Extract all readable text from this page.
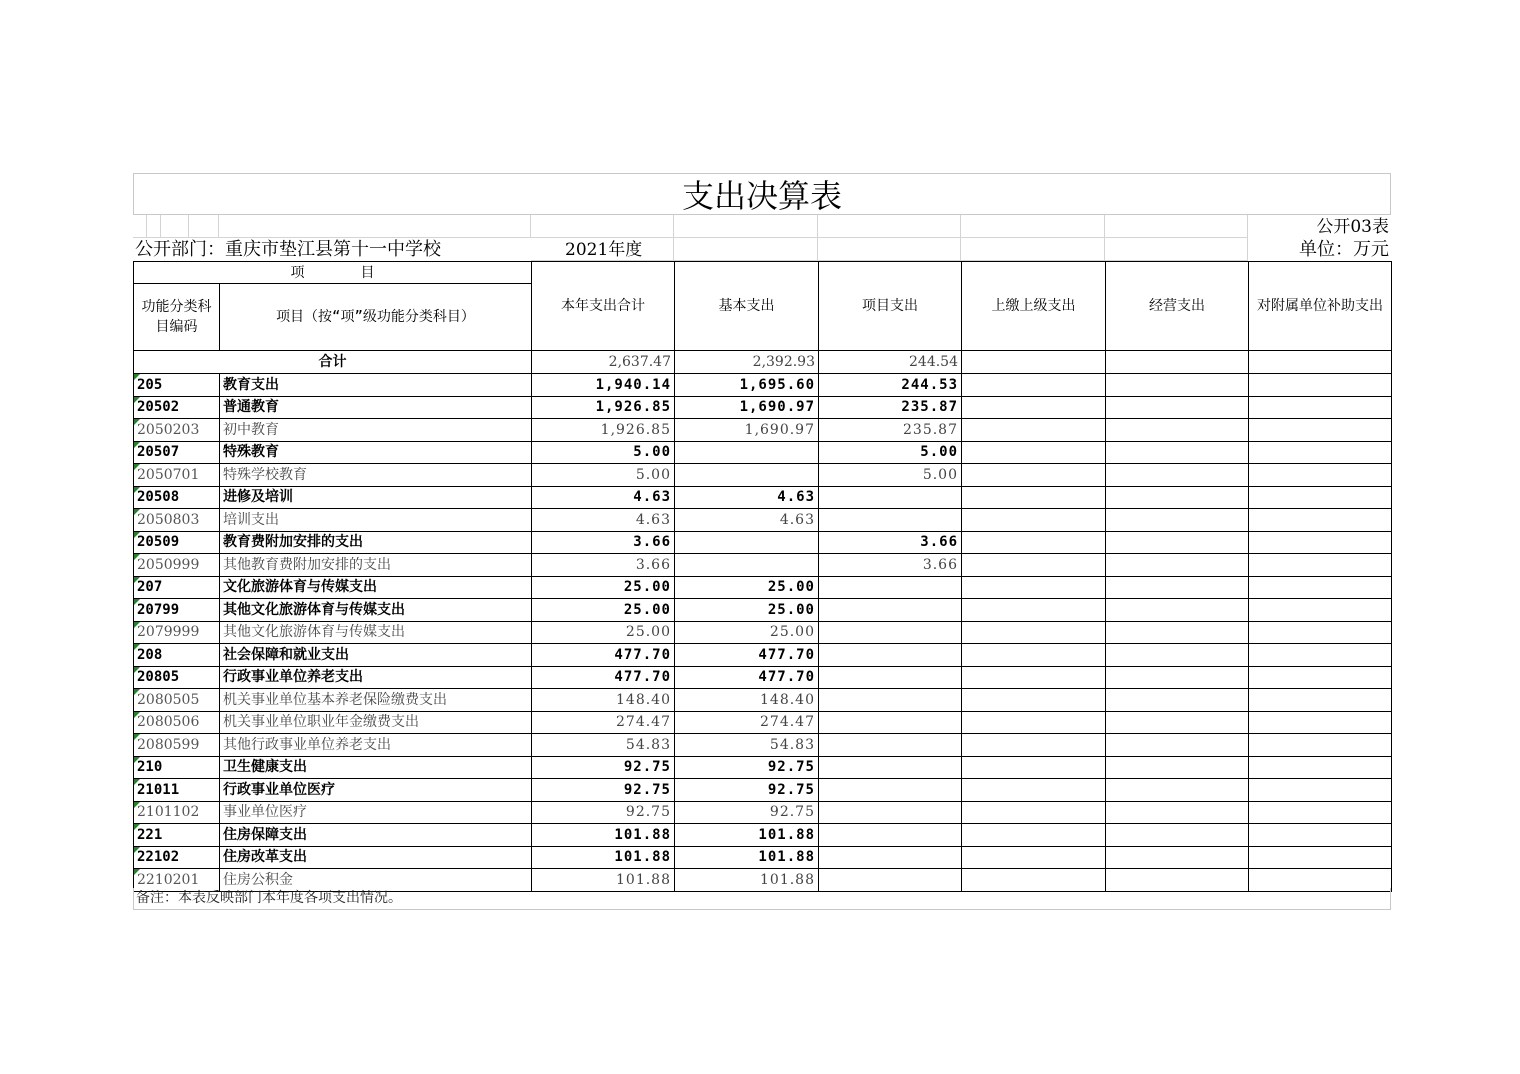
支出决算表
公开03表
公开部门：重庆市垫江县第十一中学校	2021年度	单位：万元
项　　　　目		本年支出合计	基本支出	项目支出	上缴上级支出	经营支出	对附属单位补助支出
功能分类科目编码	项目（按“项”级功能分类科目）						
合计		2,637.47	2,392.93	244.54			
205	教育支出	1,940.14	1,695.60	244.53			
20502	普通教育	1,926.85	1,690.97	235.87			
2050203	初中教育	1,926.85	1,690.97	235.87			
20507	特殊教育	5.00		5.00			
2050701	特殊学校教育	5.00		5.00			
20508	进修及培训	4.63	4.63				
2050803	培训支出	4.63	4.63				
20509	教育费附加安排的支出	3.66		3.66			
2050999	其他教育费附加安排的支出	3.66		3.66			
207	文化旅游体育与传媒支出	25.00	25.00				
20799	其他文化旅游体育与传媒支出	25.00	25.00				
2079999	其他文化旅游体育与传媒支出	25.00	25.00				
208	社会保障和就业支出	477.70	477.70				
20805	行政事业单位养老支出	477.70	477.70				
2080505	机关事业单位基本养老保险缴费支出	148.40	148.40				
2080506	机关事业单位职业年金缴费支出	274.47	274.47				
2080599	其他行政事业单位养老支出	54.83	54.83				
210	卫生健康支出	92.75	92.75				
21011	行政事业单位医疗	92.75	92.75				
2101102	事业单位医疗	92.75	92.75				
221	住房保障支出	101.88	101.88				
22102	住房改革支出	101.88	101.88				
2210201	住房公积金	101.88	101.88				
备注：本表反映部门本年度各项支出情况。
